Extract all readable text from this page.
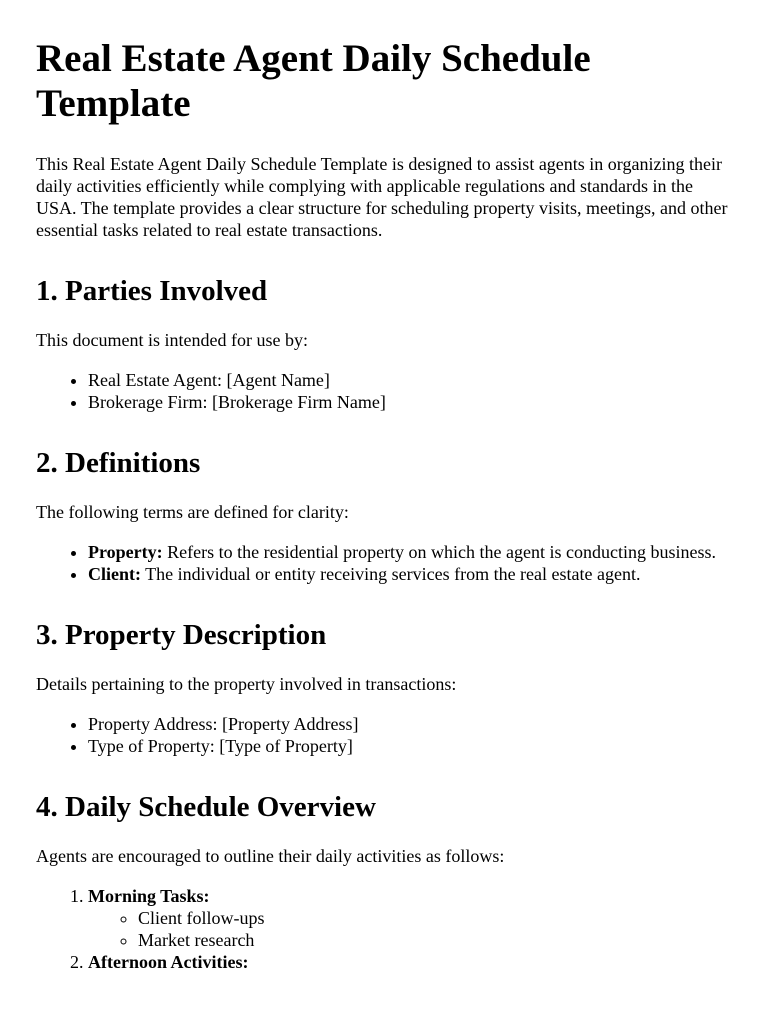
Real Estate Agent Daily Schedule Template

This Real Estate Agent Daily Schedule Template is designed to assist agents in organizing their daily activities efficiently while complying with applicable regulations and standards in the USA. The template provides a clear structure for scheduling property visits, meetings, and other essential tasks related to real estate transactions.

1. Parties Involved

This document is intended for use by:

• Real Estate Agent: [Agent Name]
• Brokerage Firm: [Brokerage Firm Name]
2. Definitions

The following terms are defined for clarity:

• Property: Refers to the residential property on which the agent is conducting business.
• Client: The individual or entity receiving services from the real estate agent.
3. Property Description

Details pertaining to the property involved in transactions:

• Property Address: [Property Address]
• Type of Property: [Type of Property]
4. Daily Schedule Overview

Agents are encouraged to outline their daily activities as follows:

1. Morning Tasks:
◦ Client follow-ups
◦ Market research
2. Afternoon Activities:
